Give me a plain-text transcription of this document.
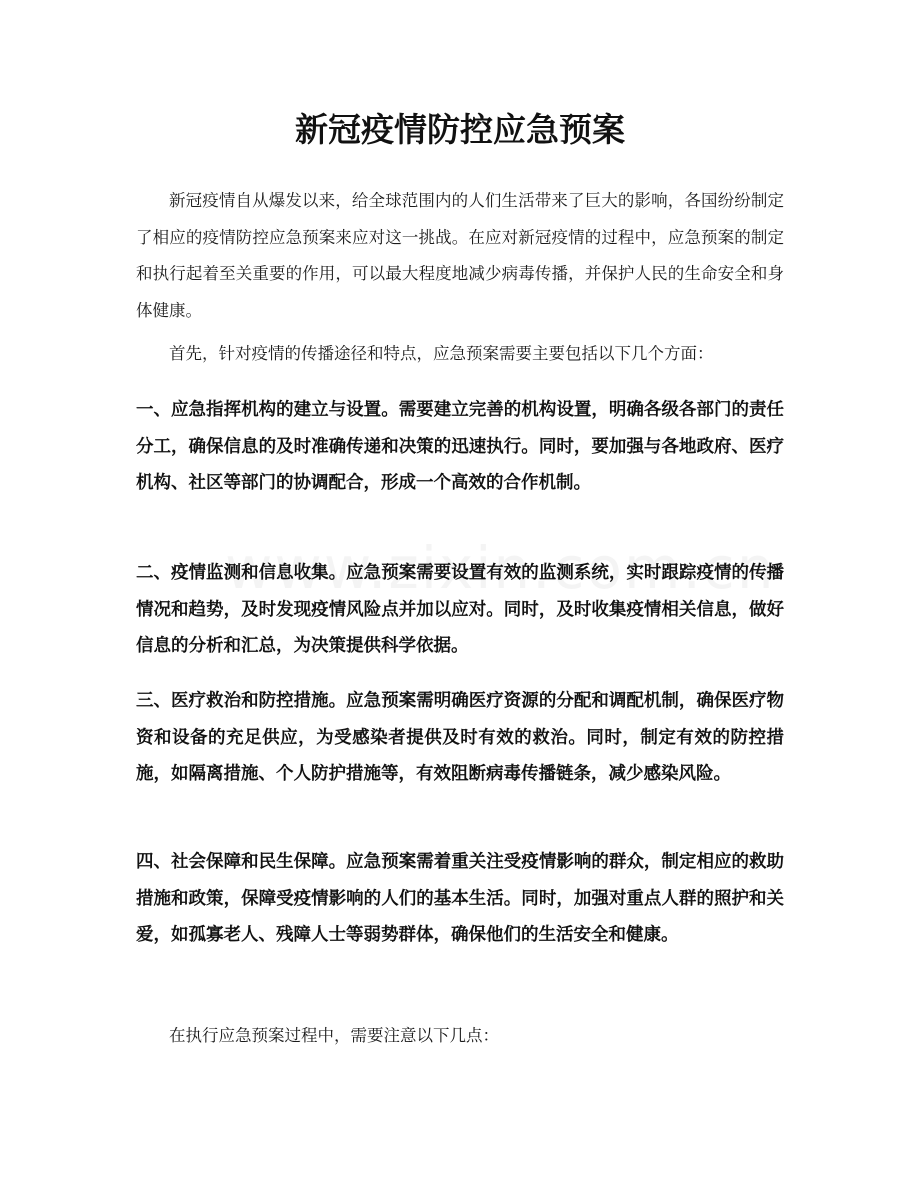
新冠疫情防控应急预案

新冠疫情自从爆发以来，给全球范围内的人们生活带来了巨大的影响，各国纷纷制定了相应的疫情防控应急预案来应对这一挑战。在应对新冠疫情的过程中，应急预案的制定和执行起着至关重要的作用，可以最大程度地减少病毒传播，并保护人民的生命安全和身体健康。

首先，针对疫情的传播途径和特点，应急预案需要主要包括以下几个方面：

一、应急指挥机构的建立与设置。需要建立完善的机构设置，明确各级各部门的责任分工，确保信息的及时准确传递和决策的迅速执行。同时，要加强与各地政府、医疗机构、社区等部门的协调配合，形成一个高效的合作机制。

二、疫情监测和信息收集。应急预案需要设置有效的监测系统，实时跟踪疫情的传播情况和趋势，及时发现疫情风险点并加以应对。同时，及时收集疫情相关信息，做好信息的分析和汇总，为决策提供科学依据。

三、医疗救治和防控措施。应急预案需明确医疗资源的分配和调配机制，确保医疗物资和设备的充足供应，为受感染者提供及时有效的救治。同时，制定有效的防控措施，如隔离措施、个人防护措施等，有效阻断病毒传播链条，减少感染风险。

四、社会保障和民生保障。应急预案需着重关注受疫情影响的群众，制定相应的救助措施和政策，保障受疫情影响的人们的基本生活。同时，加强对重点人群的照护和关爱，如孤寡老人、残障人士等弱势群体，确保他们的生活安全和健康。

在执行应急预案过程中，需要注意以下几点：
